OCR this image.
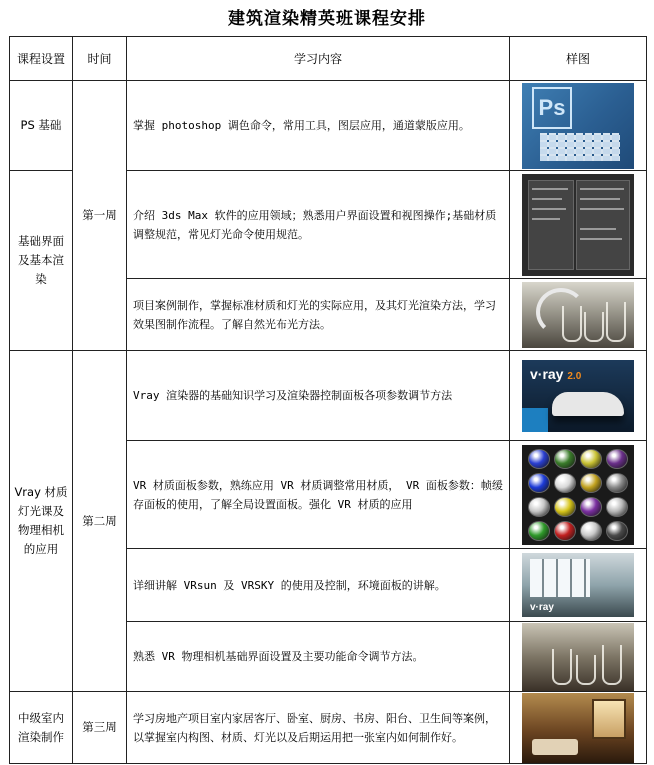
建筑渲染精英班课程安排
课程设置	时间	学习内容	样图
PS 基础	第一周	掌握 photoshop 调色命令，常用工具，图层应用，通道蒙版应用。	Ps

基础界面及基本渲染		介绍 3ds Max 软件的应用领域；熟悉用户界面设置和视图操作;基础材质调整规范，常见灯光命令使用规范。	

		项目案例制作，掌握标准材质和灯光的实际应用，及其灯光渲染方法，学习效果图制作流程。了解自然光布光方法。	

Vray 材质灯光课及物理相机的应用	第二周	Vray 渲染器的基础知识学习及渲染器控制面板各项参数调节方法	v·ray 2.0

		VR 材质面板参数，熟练应用 VR 材质调整常用材质， VR 面板参数：帧缓存面板的使用，了解全局设置面板。强化 VR 材质的应用	

		详细讲解 VRsun 及 VRSKY 的使用及控制，环境面板的讲解。	v·ray

		熟悉 VR 物理相机基础界面设置及主要功能命令调节方法。	

中级室内渲染制作	第三周	学习房地产项目室内家居客厅、卧室、厨房、书房、阳台、卫生间等案例，以掌握室内构图、材质、灯光以及后期运用把一张室内如何制作好。	
